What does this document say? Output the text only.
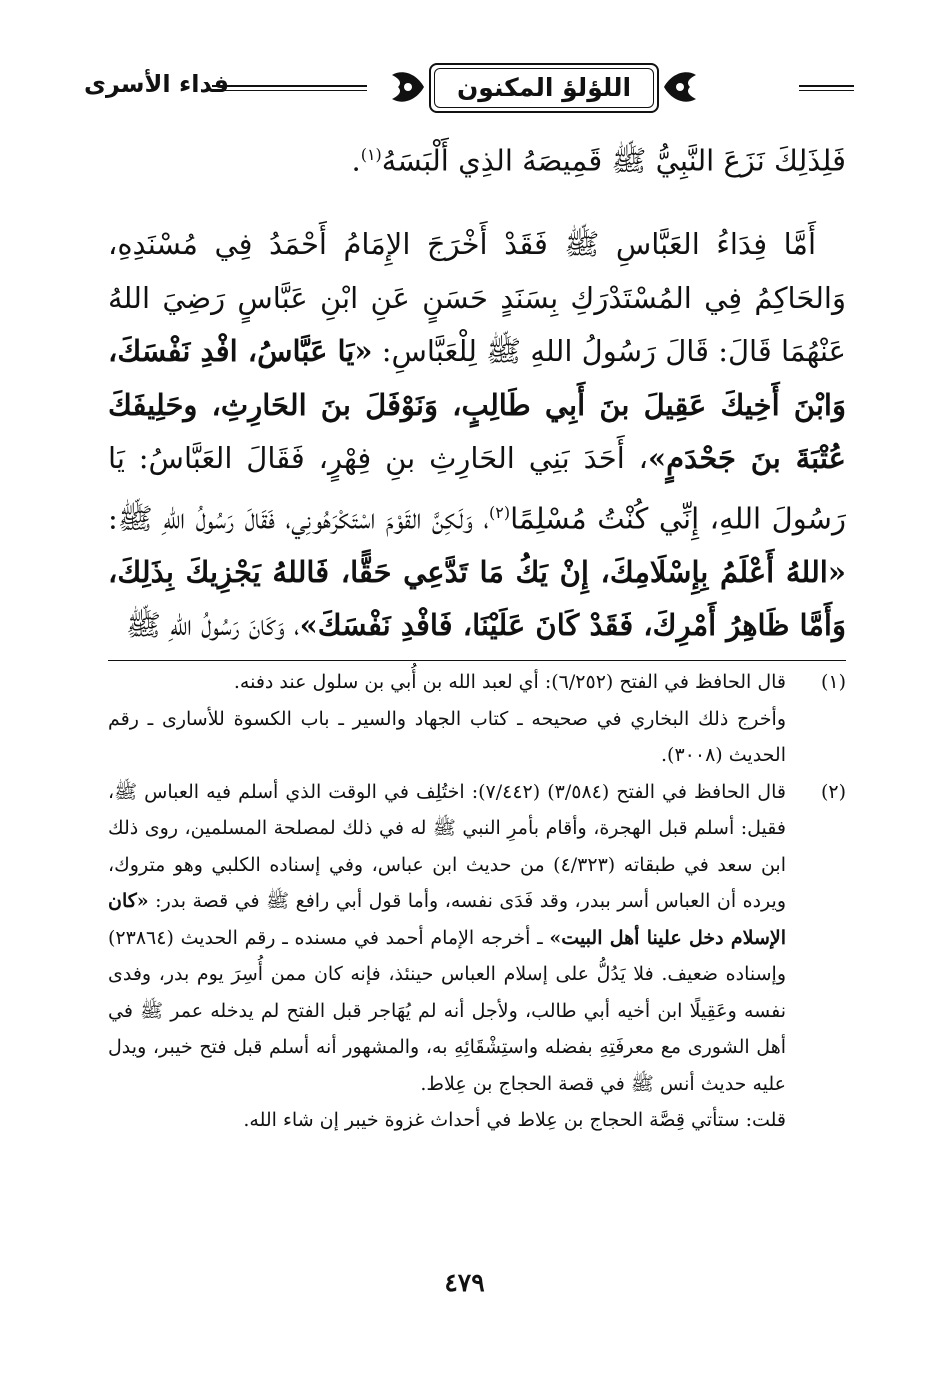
فداء الأسرى	اللؤلؤ المكنون

فَلِذَلِكَ نَزَعَ النَّبِيُّ ﷺ قَمِيصَهُ الذِي أَلْبَسَهُ$^{(١)}$.

أَمَّا فِدَاءُ العَبَّاسِ ﷺ فَقَدْ أَخْرَجَ الإِمَامُ أَحْمَدُ فِي مُسْنَدِهِ، وَالحَاكِمُ فِي المُسْتَدْرَكِ بِسَنَدٍ حَسَنٍ عَنِ ابْنِ عَبَّاسٍ رَضِيَ اللهُ عَنْهُمَا قَالَ: قَالَ رَسُولُ اللهِ ﷺ لِلْعَبَّاسِ: «يَا عَبَّاسُ، افْدِ نَفْسَكَ، وَابْنَ أَخِيكَ عَقِيلَ بنَ أَبِي طَالِبٍ، وَنَوْفَلَ بنَ الحَارِثِ، وحَلِيفَكَ عُتْبَةَ بنَ جَحْدَمٍ»، أَحَدَ بَنِي الحَارِثِ بنِ فِهْرٍ، فَقَالَ العَبَّاسُ: يَا رَسُولَ اللهِ، إِنِّي كُنْتُ مُسْلِمًا$^{(٢)}$، وَلَكِنَّ القَوْمَ اسْتَكْرَهُونِي، فَقَالَ رَسُولُ اللهِ ﷺ: «اللهُ أَعْلَمُ بِإِسْلَامِكَ، إِنْ يَكُ مَا تَدَّعِي حَقًّا، فَاللهُ يَجْزِيكَ بِذَلِكَ، وَأَمَّا ظَاهِرُ أَمْرِكَ، فَقَدْ كَانَ عَلَيْنَا، فَافْدِ نَفْسَكَ»، وَكَانَ رَسُولُ اللهِ ﷺ

(١)

قال الحافظ في الفتح (٦/٢٥٢): أي لعبد الله بن أُبي بن سلول عند دفنه.

وأخرج ذلك البخاري في صحيحه ـ كتاب الجهاد والسير ـ باب الكسوة للأسارى ـ رقم الحديث (٣٠٠٨).

(٢)

قال الحافظ في الفتح (٣/٥٨٤) (٧/٤٤٢): اختُلِف في الوقت الذي أسلم فيه العباس ﷺ، فقيل: أسلم قبل الهجرة، وأقام بأمرِ النبي ﷺ له في ذلك لمصلحة المسلمين، روى ذلك ابن سعد في طبقاته (٤/٣٢٣) من حديث ابن عباس، وفي إسناده الكلبي وهو متروك، ويرده أن العباس أسر ببدر، وقد فَدَى نفسه، وأما قول أبي رافع ﷺ في قصة بدر: «كان الإسلام دخل علينا أهل البيت» ـ أخرجه الإمام أحمد في مسنده ـ رقم الحديث (٢٣٨٦٤) وإسناده ضعيف. فلا يَدُلُّ على إسلام العباس حينئذ، فإنه كان ممن أُسِرَ يوم بدر، وفدى نفسه وعَقِيلًا ابن أخيه أبي طالب، ولأجل أنه لم يُهَاجر قبل الفتح لم يدخله عمر ﷺ في أهل الشورى مع معرفَتِهِ بفضله واستِشْقَائِهِ به، والمشهور أنه أسلم قبل فتح خيبر، ويدل عليه حديث أنس ﷺ في قصة الحجاج بن عِلاط.

قلت: ستأتي قِصَّة الحجاج بن عِلاط في أحداث غزوة خيبر إن شاء الله.

٤٧٩
